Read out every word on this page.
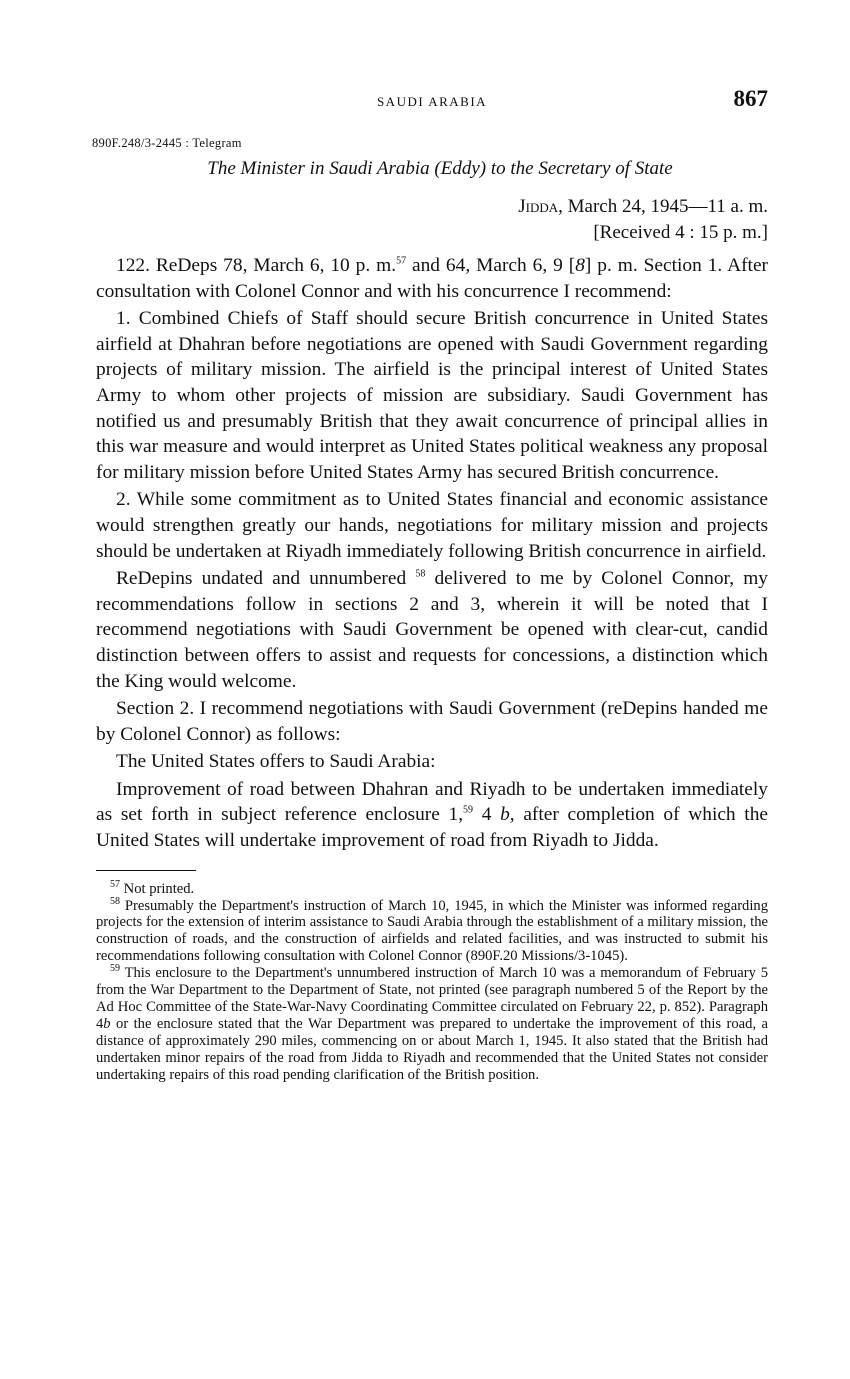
SAUDI ARABIA	867
890F.248/3-2445 : Telegram
The Minister in Saudi Arabia (Eddy) to the Secretary of State
Jidda, March 24, 1945—11 a. m.
[Received 4 : 15 p. m.]

122. ReDeps 78, March 6, 10 p. m.$^{57}$ and 64, March 6, 9 [8] p. m. Section 1. After consultation with Colonel Connor and with his concurrence I recommend:

1. Combined Chiefs of Staff should secure British concurrence in United States airfield at Dhahran before negotiations are opened with Saudi Government regarding projects of military mission. The airfield is the principal interest of United States Army to whom other projects of mission are subsidiary. Saudi Government has notified us and presumably British that they await concurrence of principal allies in this war measure and would interpret as United States political weakness any proposal for military mission before United States Army has secured British concurrence.

2. While some commitment as to United States financial and economic assistance would strengthen greatly our hands, negotiations for military mission and projects should be undertaken at Riyadh immediately following British concurrence in airfield.

ReDepins undated and unnumbered $^{58}$ delivered to me by Colonel Connor, my recommendations follow in sections 2 and 3, wherein it will be noted that I recommend negotiations with Saudi Government be opened with clear-cut, candid distinction between offers to assist and requests for concessions, a distinction which the King would welcome.

Section 2. I recommend negotiations with Saudi Government (reDepins handed me by Colonel Connor) as follows:

The United States offers to Saudi Arabia:

Improvement of road between Dhahran and Riyadh to be undertaken immediately as set forth in subject reference enclosure 1,59 4 b, after completion of which the United States will undertake improvement of road from Riyadh to Jidda.

$^{57}$ Not printed.

$^{58}$ Presumably the Department's instruction of March 10, 1945, in which the Minister was informed regarding projects for the extension of interim assistance to Saudi Arabia through the establishment of a military mission, the construction of roads, and the construction of airfields and related facilities, and was instructed to submit his recommendations following consultation with Colonel Connor (890F.20 Missions/3-1045).

$^{59}$ This enclosure to the Department's unnumbered instruction of March 10 was a memorandum of February 5 from the War Department to the Department of State, not printed (see paragraph numbered 5 of the Report by the Ad Hoc Committee of the State-War-Navy Coordinating Committee circulated on February 22, p. 852). Paragraph 4b or the enclosure stated that the War Department was prepared to undertake the improvement of this road, a distance of approximately 290 miles, commencing on or about March 1, 1945. It also stated that the British had undertaken minor repairs of the road from Jidda to Riyadh and recommended that the United States not consider undertaking repairs of this road pending clarification of the British position.
